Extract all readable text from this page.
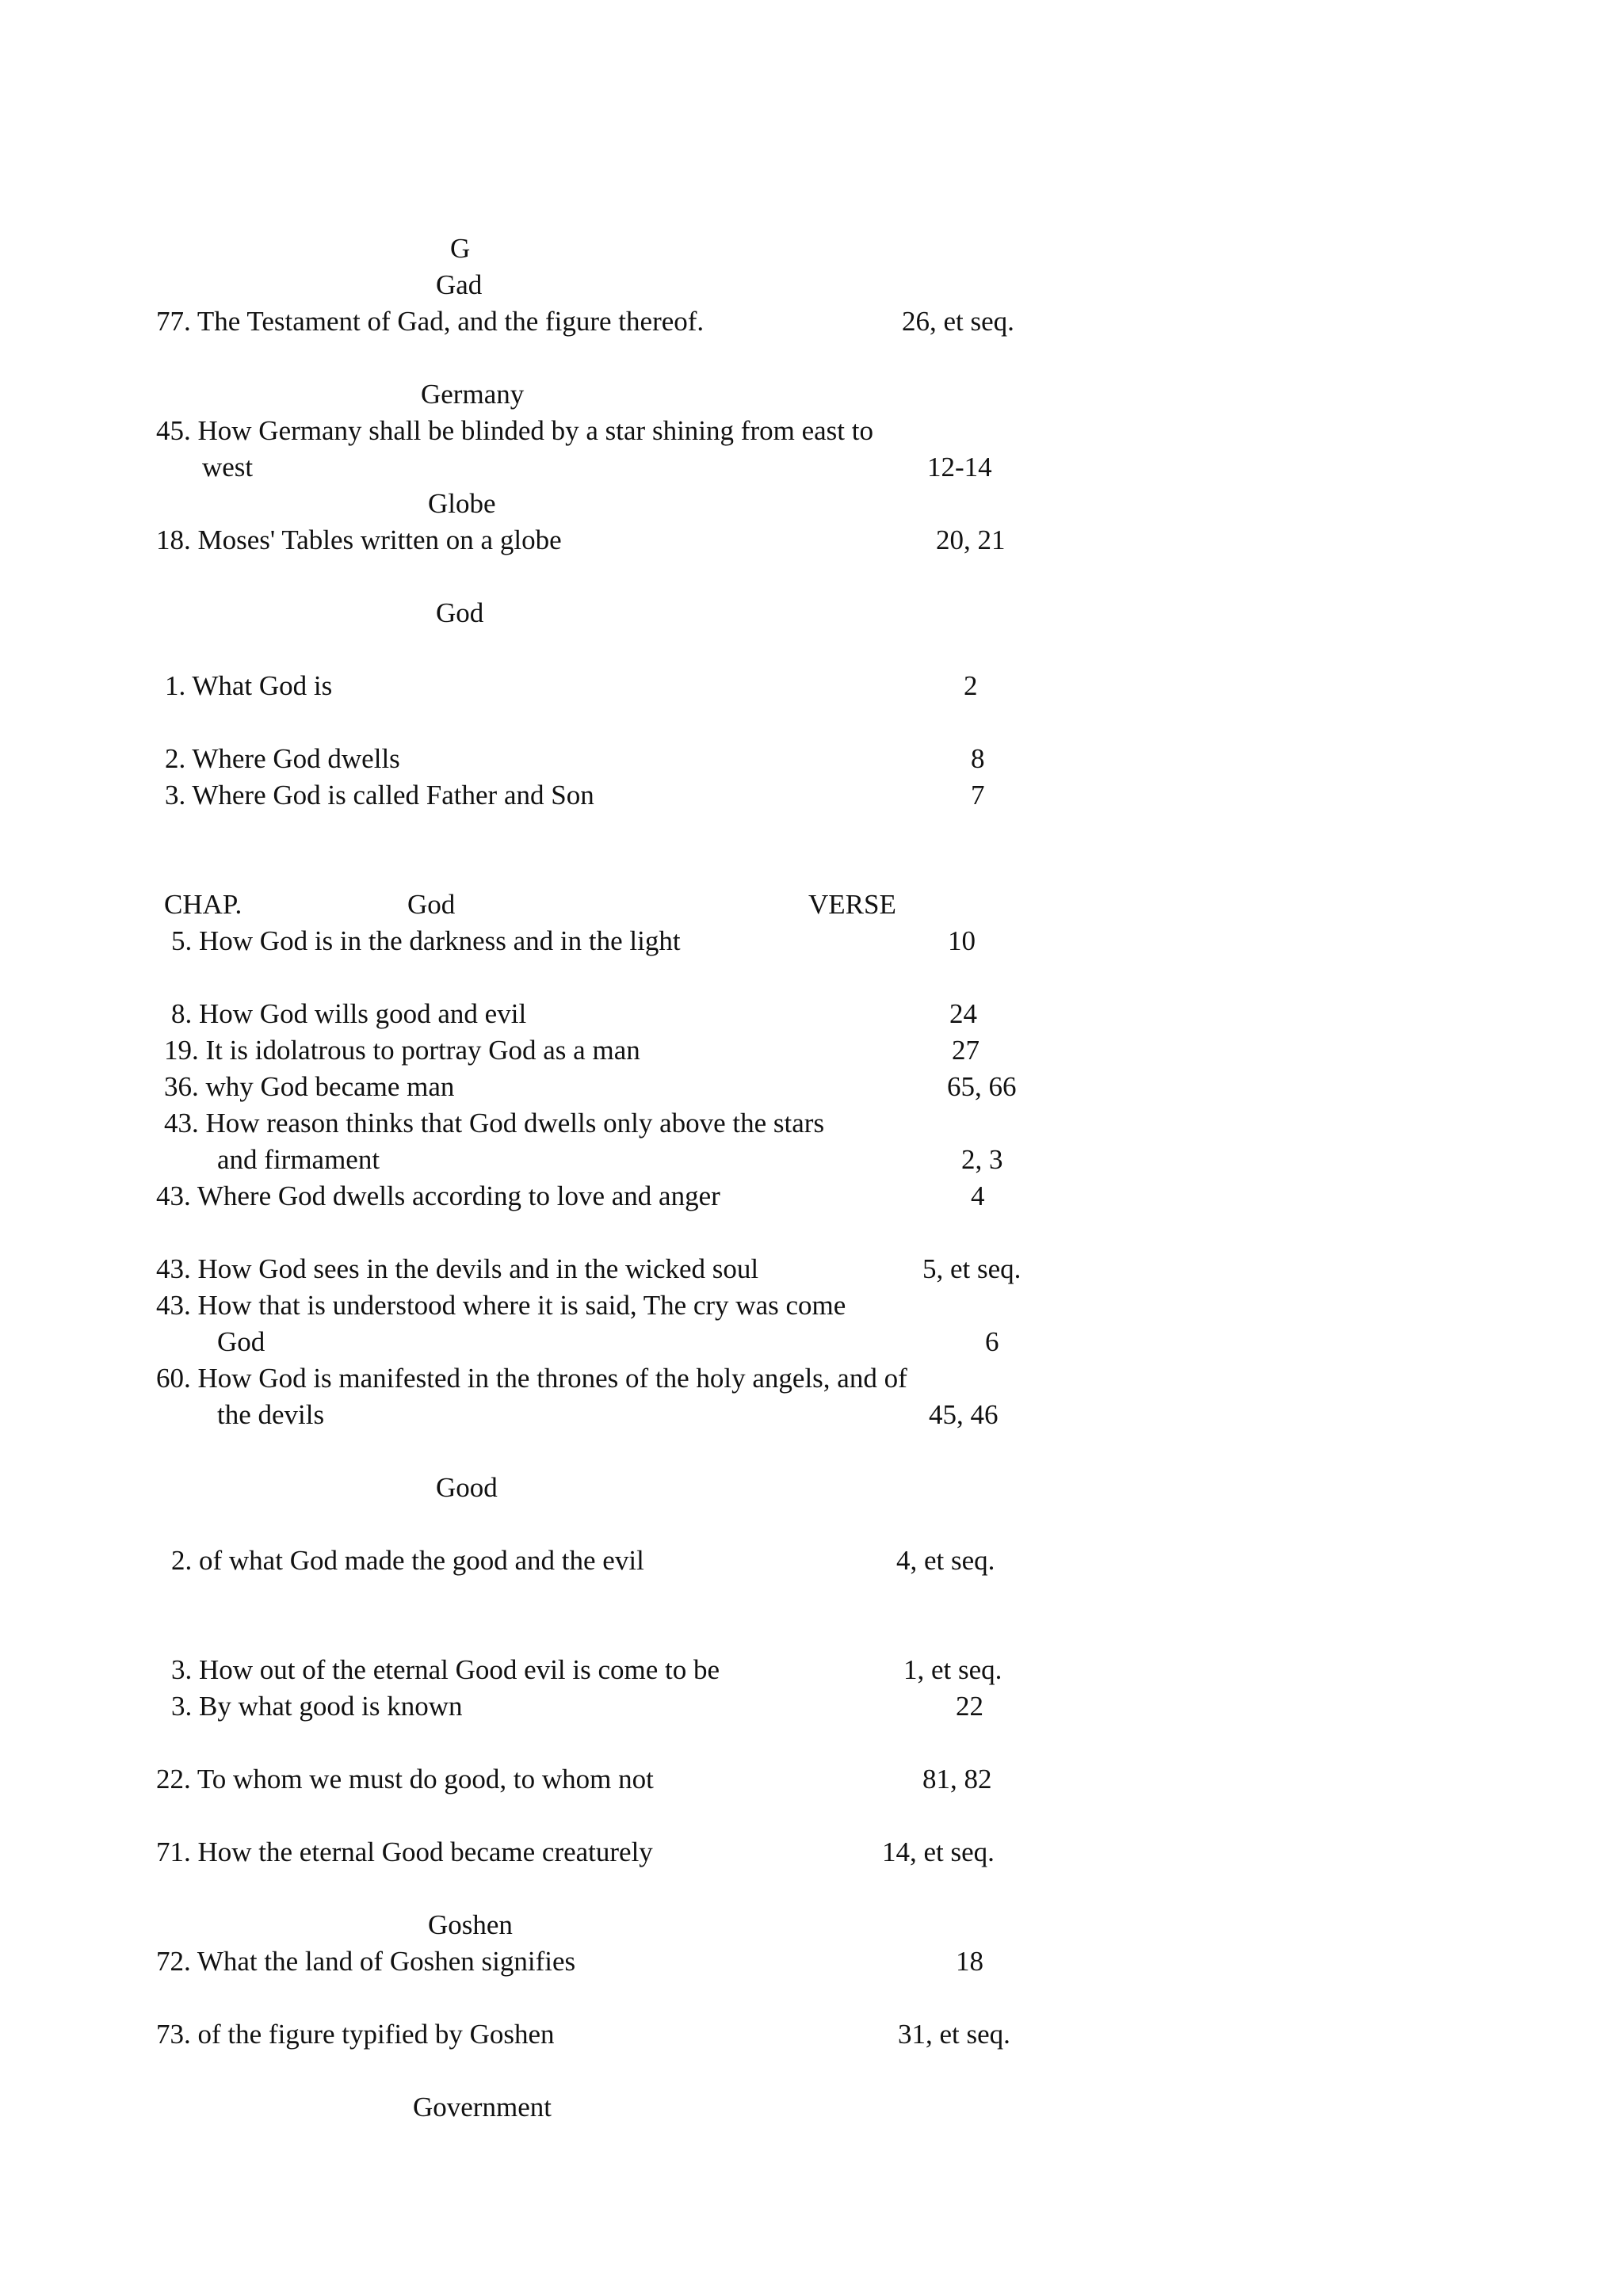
G
Gad
77. The Testament of Gad, and the figure thereof.	26, et seq.
Germany
45. How Germany shall be blinded by a star shining from east to
west	12-14
Globe
18. Moses' Tables written on a globe	20, 21
God
1. What God is	2
2. Where God dwells	8
3. Where God is called Father and Son	7
CHAP.	God	VERSE
5. How God is in the darkness and in the light	10
8. How God wills good and evil	24
19. It is idolatrous to portray God as a man	27
36. why God became man	65, 66
43. How reason thinks that God dwells only above the stars
and firmament	2, 3
43. Where God dwells according to love and anger	4
43. How God sees in the devils and in the wicked soul	5, et seq.
43. How that is understood where it is said, The cry was come
God	6
60. How God is manifested in the thrones of the holy angels, and of
the devils	45, 46
Good
2. of what God made the good and the evil	4, et seq.
3. How out of the eternal Good evil is come to be	1, et seq.
3. By what good is known	22
22. To whom we must do good, to whom not	81, 82
71. How the eternal Good became creaturely	14, et seq.
Goshen
72. What the land of Goshen signifies	18
73. of the figure typified by Goshen	31, et seq.
Government
